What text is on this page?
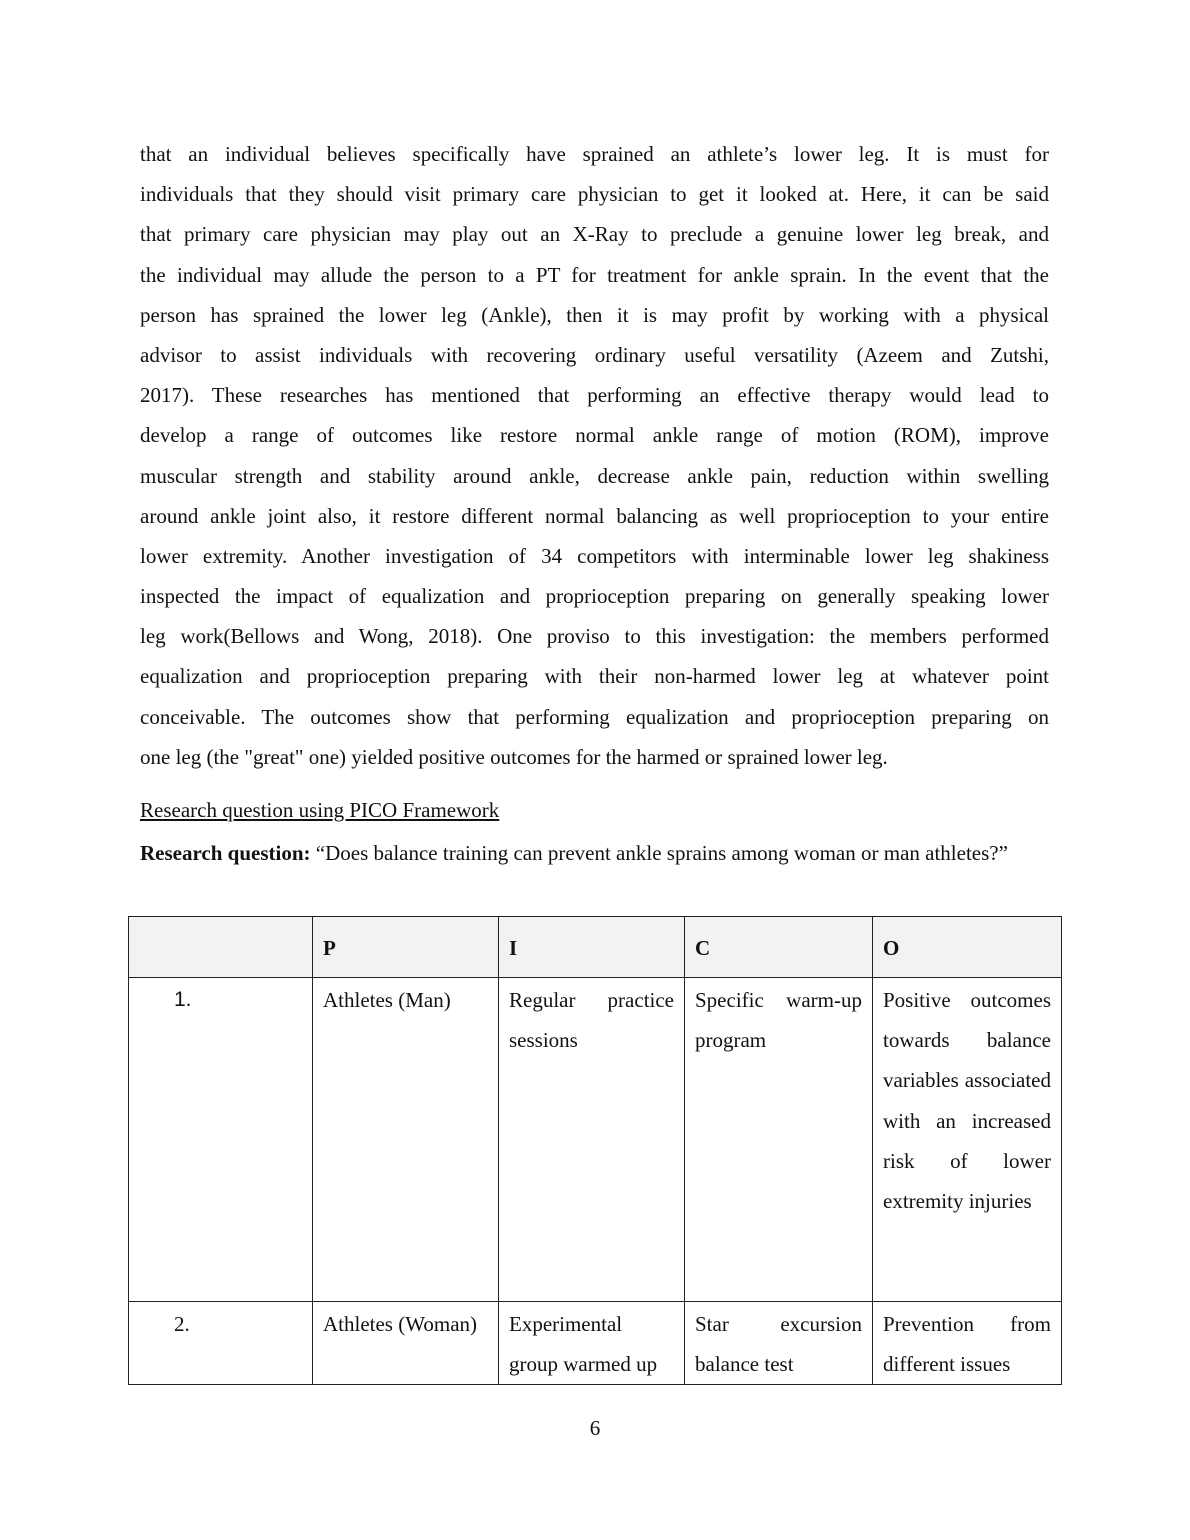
that an individual believes specifically have sprained an athlete’s lower leg. It is must for
individuals that they should visit primary care physician to get it looked at. Here, it can be said
that primary care physician may play out an X-Ray to preclude a genuine lower leg break, and
the individual may allude the person to a PT for treatment for ankle sprain. In the event that the
person has sprained the lower leg (Ankle), then it is may profit by working with a physical
advisor to assist individuals with recovering ordinary useful versatility (Azeem and Zutshi,
2017). These researches has mentioned that performing an effective therapy would lead to
develop a range of outcomes like restore normal ankle range of motion (ROM), improve
muscular strength and stability around ankle, decrease ankle pain, reduction within swelling
around ankle joint also, it restore different normal balancing as well proprioception to your entire
lower extremity. Another investigation of 34 competitors with interminable lower leg shakiness
inspected the impact of equalization and proprioception preparing on generally speaking lower
leg work(Bellows and Wong, 2018). One proviso to this investigation: the members performed
equalization and proprioception preparing with their non-harmed lower leg at whatever point
conceivable. The outcomes show that performing equalization and proprioception preparing on
one leg (the "great" one) yielded positive outcomes for the harmed or sprained lower leg.
Research question using PICO Framework
Research question: “Does balance training can prevent ankle sprains among woman or man athletes?”
	P	I	C	O
1.	Athletes (Man)	Regular practice sessions	Specific warm-up program	Positive outcomes towards balance variables associated with an increased risk of lower extremity injuries
2.	Athletes (Woman)	Experimental group warmed up	Star excursion balance test	Prevention from different issues
6
